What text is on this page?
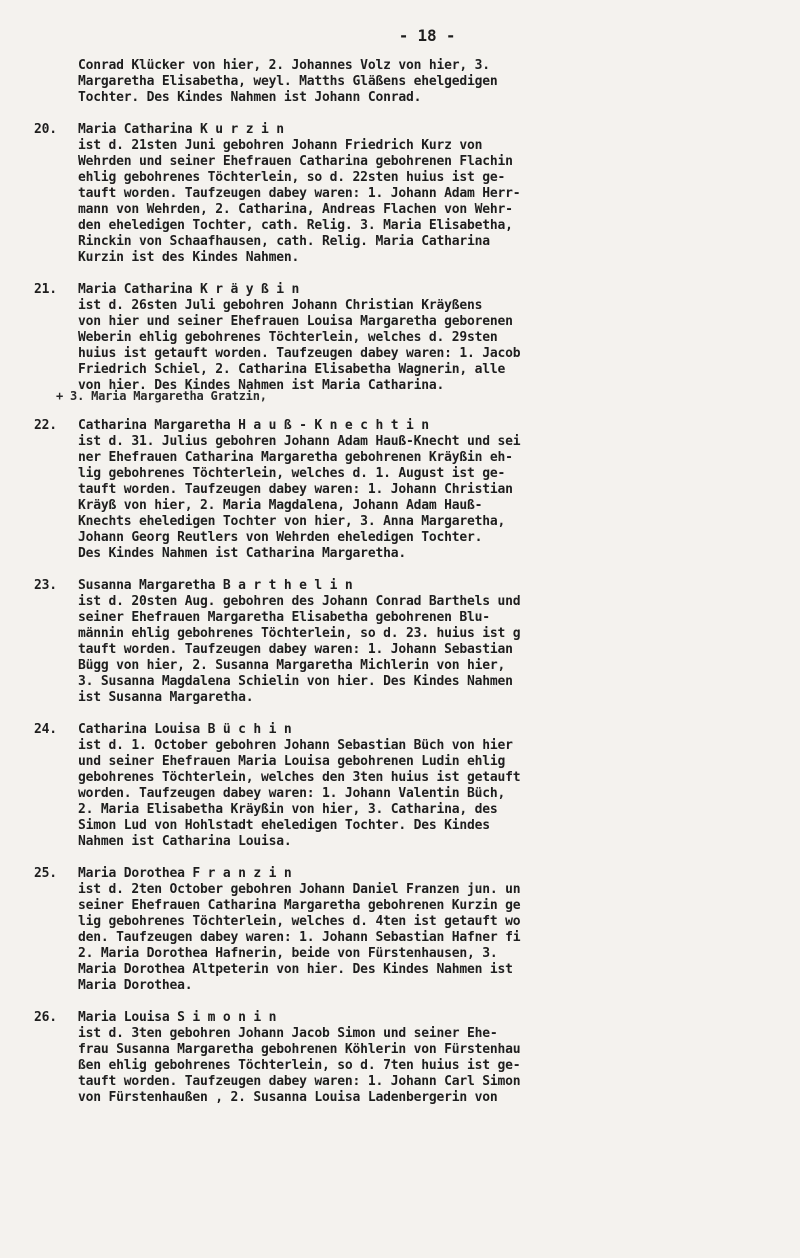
- 18 -
Conrad Klücker von hier, 2. Johannes Volz von hier, 3.
Margaretha Elisabetha, weyl. Matths Gläßens ehelgedigen
Tochter. Des Kindes Nahmen ist Johann Conrad.
20.	Maria Catharina K u r z i n
ist d. 21sten Juni gebohren Johann Friedrich Kurz von
Wehrden und seiner Ehefrauen Catharina gebohrenen Flachin
ehlig gebohrenes Töchterlein, so d. 22sten huius ist ge-
tauft worden. Taufzeugen dabey waren: 1. Johann Adam Herr-
mann von Wehrden, 2. Catharina, Andreas Flachen von Wehr-
den eheledigen Tochter, cath. Relig. 3. Maria Elisabetha,
Rinckin von Schaafhausen, cath. Relig. Maria Catharina
Kurzin ist des Kindes Nahmen.
21.	Maria Catharina K r ä y ß i n
ist d. 26sten Juli gebohren Johann Christian Kräyßens
von hier und seiner Ehefrauen Louisa Margaretha geborenen
Weberin ehlig gebohrenes Töchterlein, welches d. 29sten
huius ist getauft worden. Taufzeugen dabey waren: 1. Jacob
Friedrich Schiel, 2. Catharina Elisabetha Wagnerin, alle
von hier. Des Kindes Nahmen ist Maria Catharina.
+ 3. Maria Margaretha Gratzin,
22.	Catharina Margaretha H a u ß - K n e c h t i n
ist d. 31. Julius gebohren Johann Adam Hauß-Knecht und sei
ner Ehefrauen Catharina Margaretha gebohrenen Kräyßin eh-
lig gebohrenes Töchterlein, welches d. 1. August ist ge-
tauft worden. Taufzeugen dabey waren: 1. Johann Christian
Kräyß von hier, 2. Maria Magdalena, Johann Adam Hauß-
Knechts eheledigen Tochter von hier, 3. Anna Margaretha,
Johann Georg Reutlers von Wehrden eheledigen Tochter.
Des Kindes Nahmen ist Catharina Margaretha.
23.	Susanna Margaretha B a r t h e l i n
ist d. 20sten Aug. gebohren des Johann Conrad Barthels und
seiner Ehefrauen Margaretha Elisabetha gebohrenen Blu-
männin ehlig gebohrenes Töchterlein, so d. 23. huius ist g
tauft worden. Taufzeugen dabey waren: 1. Johann Sebastian
Bügg von hier, 2. Susanna Margaretha Michlerin von hier,
3. Susanna Magdalena Schielin von hier. Des Kindes Nahmen
ist Susanna Margaretha.
24.	Catharina Louisa B ü c h i n
ist d. 1. October gebohren Johann Sebastian Büch von hier
und seiner Ehefrauen Maria Louisa gebohrenen Ludin ehlig
gebohrenes Töchterlein, welches den 3ten huius ist getauft
worden. Taufzeugen dabey waren: 1. Johann Valentin Büch,
2. Maria Elisabetha Kräyßin von hier, 3. Catharina, des
Simon Lud von Hohlstadt eheledigen Tochter. Des Kindes
Nahmen ist Catharina Louisa.
25.	Maria Dorothea F r a n z i n
ist d. 2ten October gebohren Johann Daniel Franzen jun. un
seiner Ehefrauen Catharina Margaretha gebohrenen Kurzin ge
lig gebohrenes Töchterlein, welches d. 4ten ist getauft wo
den. Taufzeugen dabey waren: 1. Johann Sebastian Hafner fi
2. Maria Dorothea Hafnerin, beide von Fürstenhausen, 3.
Maria Dorothea Altpeterin von hier. Des Kindes Nahmen ist
Maria Dorothea.
26.	Maria Louisa S i m o n i n
ist d. 3ten gebohren Johann Jacob Simon und seiner Ehe-
frau Susanna Margaretha gebohrenen Köhlerin von Fürstenhau
ßen ehlig gebohrenes Töchterlein, so d. 7ten huius ist ge-
tauft worden. Taufzeugen dabey waren: 1. Johann Carl Simon
von Fürstenhaußen , 2. Susanna Louisa Ladenbergerin von
